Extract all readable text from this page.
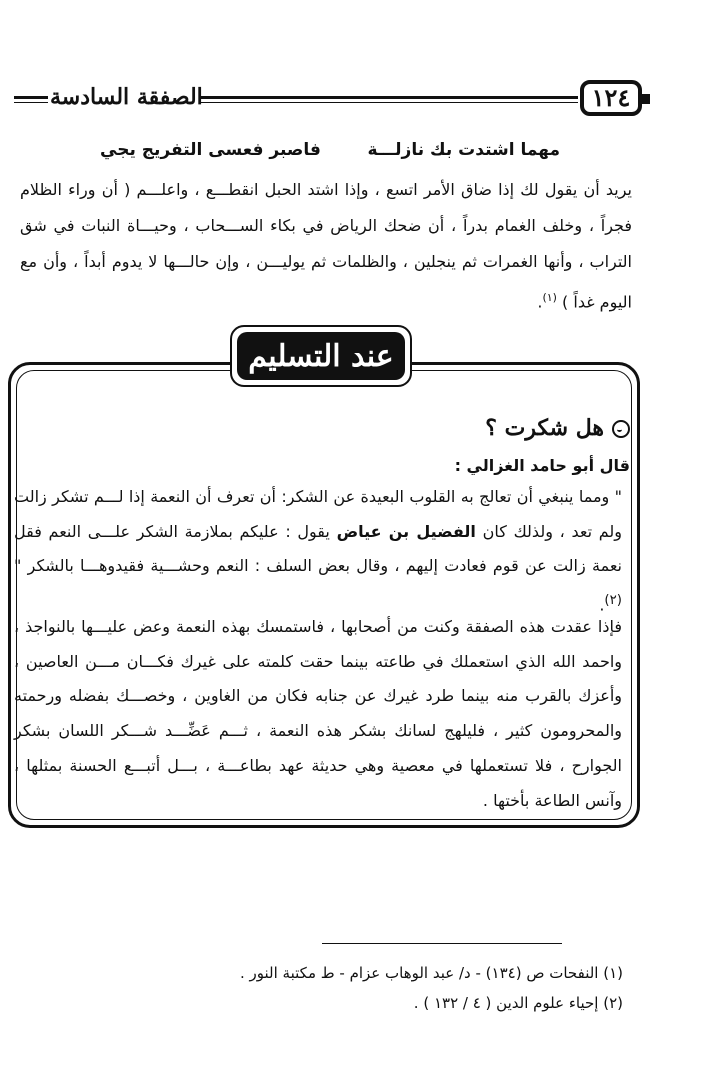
الصفقة السادسة	١٢٤
مهما اشتدت بك نازلـــة
فاصبر فعسى التفريج يجي
يريد أن يقول لك إذا ضاق الأمر اتسع ، وإذا اشتد الحبل انقطـــع ، واعلـــم ( أن وراء الظلام فجراً ، وخلف الغمام بدراً ، أن ضحك الرياض في بكاء الســـحاب ، وحيـــاة النبات في شق التراب ، وأنها الغمرات ثم ينجلين ، والظلمات ثم يوليـــن ، وإن حالـــها لا يدوم أبداً ، وأن مع اليوم غداً ) $^{(١)}$.
عند التسليم
هل شكرت ؟
قال أبو حامد الغزالي :
" ومما ينبغي أن تعالج به القلوب البعيدة عن الشكر: أن تعرف أن النعمة إذا لـــم تشكر زالت ولم تعد ، ولذلك كان الفضيل بن عياض يقول : عليكم بملازمة الشكر علـــى النعم فقل نعمة زالت عن قوم فعادت إليهم ، وقال بعض السلف : النعم وحشـــية فقيدوهـــا بالشكر " $^{(٢)}$.
فإذا عقدت هذه الصفقة وكنت من أصحابها ، فاستمسك بهذه النعمة وعض عليـــها بالنواجذ ، واحمد الله الذي استعملك في طاعته بينما حقت كلمته على غيرك فكـــان مـــن العاصين ، وأعزك بالقرب منه بينما طرد غيرك عن جنابه فكان من الغاوين ، وخصـــك بفضله ورحمته والمحرومون كثير ، فليلهج لسانك بشكر هذه النعمة ، ثـــم عَضِّـــد شـــكر اللسان بشكر الجوارح ، فلا تستعملها في معصية وهي حديثة عهد بطاعـــة ، بـــل أتبـــع الحسنة بمثلها ، وآنس الطاعة بأختها .
(١) النفحات ص (١٣٤) - د/ عبد الوهاب عزام - ط مكتبة النور .
(٢) إحياء علوم الدين ( ٤ / ١٣٢ ) .
